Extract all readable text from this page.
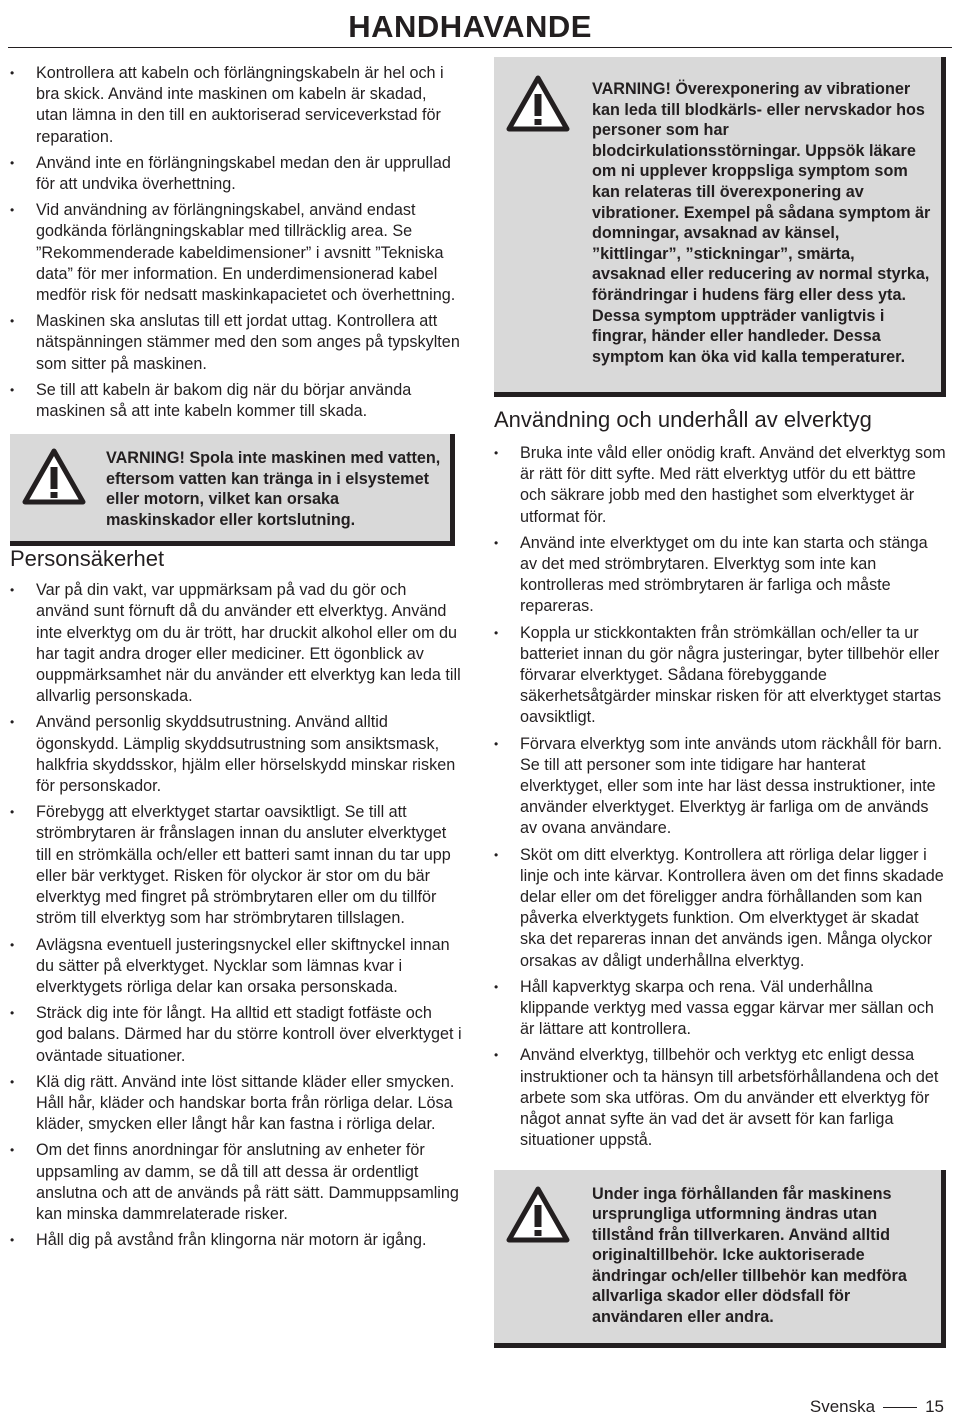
HANDHAVANDE
• Kontrollera att kabeln och förlängningskabeln är hel och i bra skick. Använd inte maskinen om kabeln är skadad, utan lämna in den till en auktoriserad serviceverkstad för reparation.
• Använd inte en förlängningskabel medan den är upprullad för att undvika överhettning.
• Vid användning av förlängningskabel, använd endast godkända förlängningskablar med tillräcklig area. Se ”Rekommenderade kabeldimensioner” i avsnitt ”Tekniska data” för mer information. En underdimensionerad kabel medför risk för nedsatt maskinkapacietet och överhettning.
• Maskinen ska anslutas till ett jordat uttag. Kontrollera att nätspänningen stämmer med den som anges på typskylten som sitter på maskinen.
• Se till att kabeln är bakom dig när du börjar använda maskinen så att inte kabeln kommer till skada.
VARNING! Spola inte maskinen med vatten, eftersom vatten kan tränga in i elsystemet eller motorn, vilket kan orsaka maskinskador eller kortslutning.
Personsäkerhet
• Var på din vakt, var uppmärksam på vad du gör och använd sunt förnuft då du använder ett elverktyg. Använd inte elverktyg om du är trött, har druckit alkohol eller om du har tagit andra droger eller mediciner. Ett ögonblick av ouppmärksamhet när du använder ett elverktyg kan leda till allvarlig personskada.
• Använd personlig skyddsutrustning. Använd alltid ögonskydd. Lämplig skyddsutrustning som ansiktsmask, halkfria skyddsskor, hjälm eller hörselskydd minskar risken för personskador.
• Förebygg att elverktyget startar oavsiktligt. Se till att strömbrytaren är frånslagen innan du ansluter elverktyget till en strömkälla och/eller ett batteri samt innan du tar upp eller bär verktyget. Risken för olyckor är stor om du bär elverktyg med fingret på strömbrytaren eller om du tillför ström till elverktyg som har strömbrytaren tillslagen.
• Avlägsna eventuell justeringsnyckel eller skiftnyckel innan du sätter på elverktyget. Nycklar som lämnas kvar i elverktygets rörliga delar kan orsaka personskada.
• Sträck dig inte för långt. Ha alltid ett stadigt fotfäste och god balans. Därmed har du större kontroll över elverktyget i oväntade situationer.
• Klä dig rätt. Använd inte löst sittande kläder eller smycken. Håll hår, kläder och handskar borta från rörliga delar. Lösa kläder, smycken eller långt hår kan fastna i rörliga delar.
• Om det finns anordningar för anslutning av enheter för uppsamling av damm, se då till att dessa är ordentligt anslutna och att de används på rätt sätt. Dammuppsamling kan minska dammrelaterade risker.
• Håll dig på avstånd från klingorna när motorn är igång.
VARNING! Överexponering av vibrationer kan leda till blodkärls- eller nervskador hos personer som har blodcirkulationsstörningar. Uppsök läkare om ni upplever kroppsliga symptom som kan relateras till överexponering av vibrationer. Exempel på sådana symptom är domningar, avsaknad av känsel, ”kittlingar”, ”stickningar”, smärta, avsaknad eller reducering av normal styrka, förändringar i hudens färg eller dess yta. Dessa symptom uppträder vanligtvis i fingrar, händer eller handleder. Dessa symptom kan öka vid kalla temperaturer.
Användning och underhåll av elverktyg
• Bruka inte våld eller onödig kraft. Använd det elverktyg som är rätt för ditt syfte. Med rätt elverktyg utför du ett bättre och säkrare jobb med den hastighet som elverktyget är utformat för.
• Använd inte elverktyget om du inte kan starta och stänga av det med strömbrytaren. Elverktyg som inte kan kontrolleras med strömbrytaren är farliga och måste repareras.
• Koppla ur stickkontakten från strömkällan och/eller ta ur batteriet innan du gör några justeringar, byter tillbehör eller förvarar elverktyget. Sådana förebyggande säkerhetsåtgärder minskar risken för att elverktyget startas oavsiktligt.
• Förvara elverktyg som inte används utom räckhåll för barn. Se till att personer som inte tidigare har hanterat elverktyget, eller som inte har läst dessa instruktioner, inte använder elverktyget. Elverktyg är farliga om de används av ovana användare.
• Sköt om ditt elverktyg. Kontrollera att rörliga delar ligger i linje och inte kärvar. Kontrollera även om det finns skadade delar eller om det föreligger andra förhållanden som kan påverka elverktygets funktion. Om elverktyget är skadat ska det repareras innan det används igen. Många olyckor orsakas av dåligt underhållna elverktyg.
• Håll kapverktyg skarpa och rena. Väl underhållna klippande verktyg med vassa eggar kärvar mer sällan och är lättare att kontrollera.
• Använd elverktyg, tillbehör och verktyg etc enligt dessa instruktioner och ta hänsyn till arbetsförhållandena och det arbete som ska utföras. Om du använder ett elverktyg för något annat syfte än vad det är avsett för kan farliga situationer uppstå.
Under inga förhållanden får maskinens ursprungliga utformning ändras utan tillstånd från tillverkaren. Använd alltid originaltillbehör. Icke auktoriserade ändringar och/eller tillbehör kan medföra allvarliga skador eller dödsfall för användaren eller andra.
Svenska	15
